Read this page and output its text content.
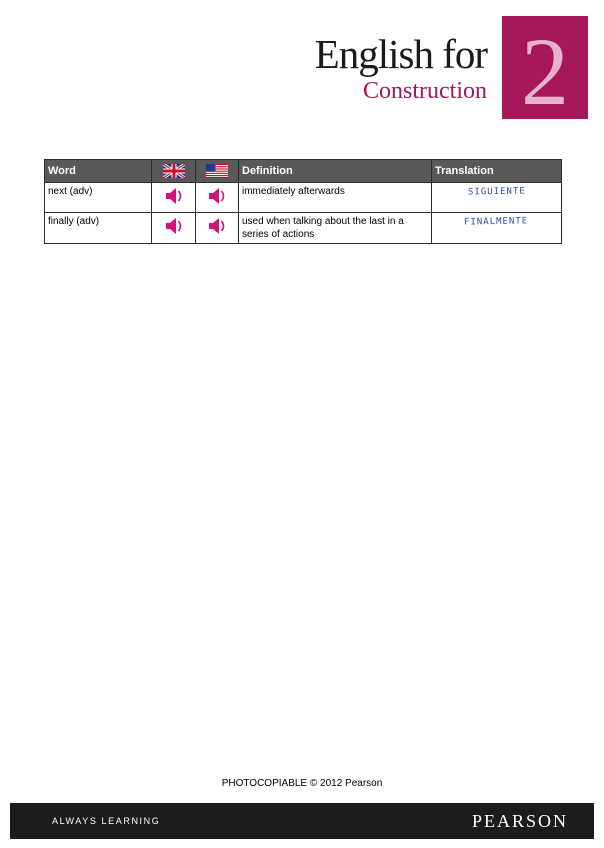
English for
Construction 2
Word			Definition	Translation
next (adv)			immediately afterwards	SIGUIENTE
finally (adv)			used when talking about the last in a series of actions	FINALMENTE
PHOTOCOPIABLE © 2012 Pearson
ALWAYS LEARNING	PEARSON
